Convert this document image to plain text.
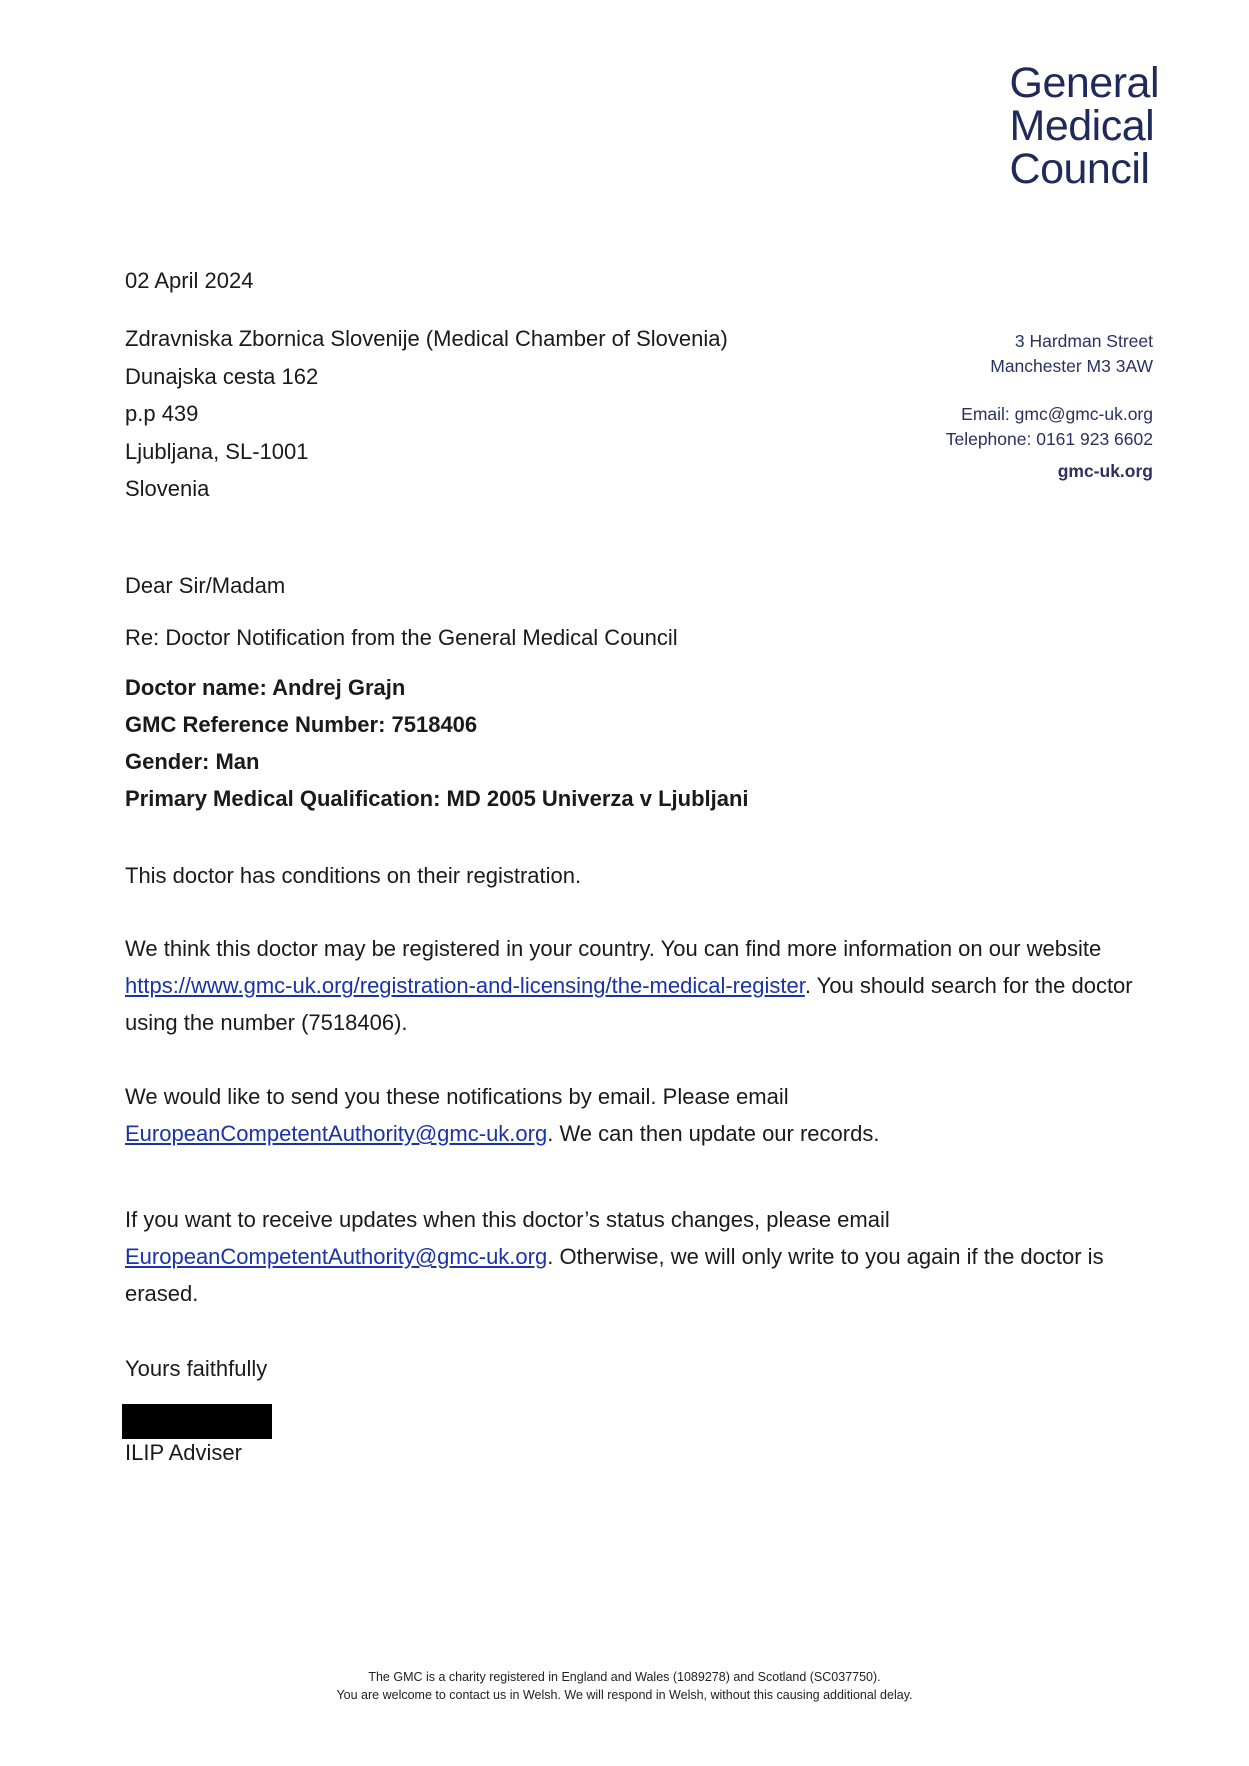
General
Medical
Council
02 April 2024
Zdravniska Zbornica Slovenije (Medical Chamber of Slovenia)
Dunajska cesta 162
p.p 439
Ljubljana, SL-1001
Slovenia
3 Hardman Street
Manchester M3 3AW
Email: gmc@gmc-uk.org
Telephone: 0161 923 6602
gmc-uk.org
Dear Sir/Madam
Re: Doctor Notification from the General Medical Council
Doctor name: Andrej Grajn
GMC Reference Number: 7518406
Gender: Man
Primary Medical Qualification: MD 2005 Univerza v Ljubljani
This doctor has conditions on their registration.
We think this doctor may be registered in your country. You can find more information on our website https://www.gmc-uk.org/registration-and-licensing/the-medical-register. You should search for the doctor using the number (7518406).
We would like to send you these notifications by email. Please email EuropeanCompetentAuthority@gmc-uk.org. We can then update our records.
If you want to receive updates when this doctor’s status changes, please email EuropeanCompetentAuthority@gmc-uk.org. Otherwise, we will only write to you again if the doctor is erased.
Yours faithfully
ILIP Adviser
The GMC is a charity registered in England and Wales (1089278) and Scotland (SC037750).
You are welcome to contact us in Welsh. We will respond in Welsh, without this causing additional delay.
